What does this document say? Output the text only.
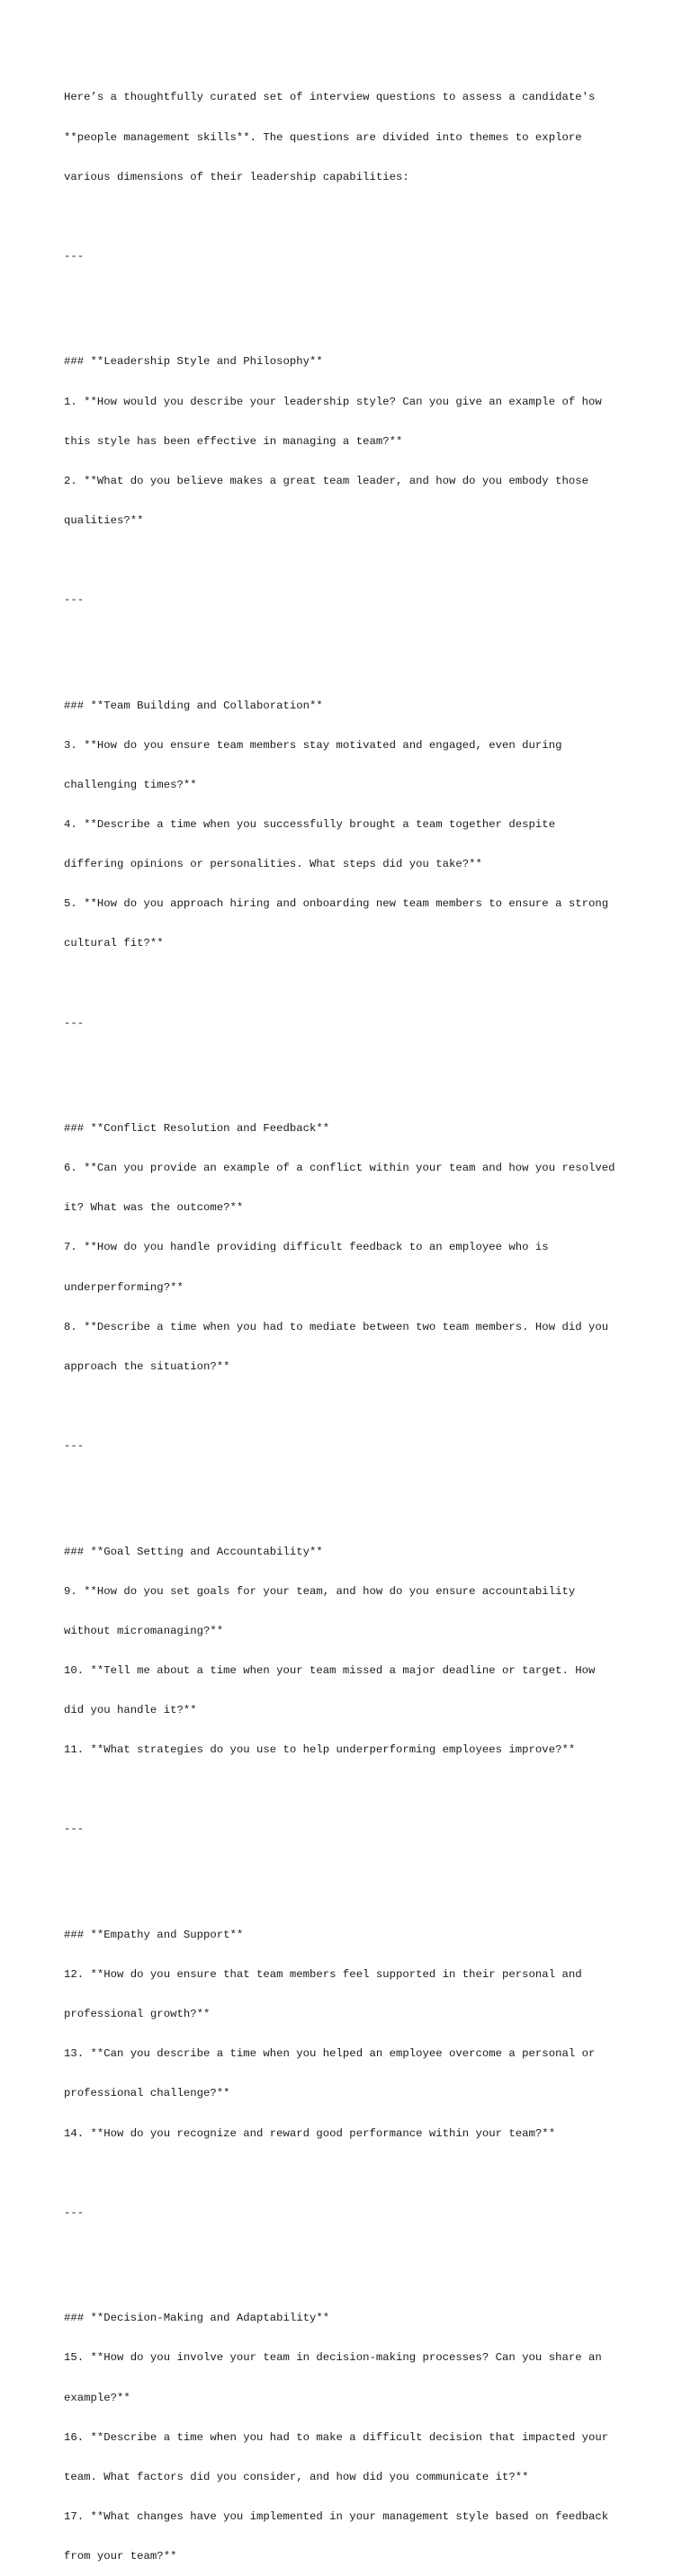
Here’s a thoughtfully curated set of interview questions to assess a candidate's

**people management skills**. The questions are divided into themes to explore

various dimensions of their leadership capabilities:

---

### **Leadership Style and Philosophy**

1. **How would you describe your leadership style? Can you give an example of how

this style has been effective in managing a team?**

2. **What do you believe makes a great team leader, and how do you embody those

qualities?**

---

### **Team Building and Collaboration**

3. **How do you ensure team members stay motivated and engaged, even during

challenging times?**

4. **Describe a time when you successfully brought a team together despite

differing opinions or personalities. What steps did you take?**

5. **How do you approach hiring and onboarding new team members to ensure a strong

cultural fit?**

---

### **Conflict Resolution and Feedback**

6. **Can you provide an example of a conflict within your team and how you resolved

it? What was the outcome?**

7. **How do you handle providing difficult feedback to an employee who is

underperforming?**

8. **Describe a time when you had to mediate between two team members. How did you

approach the situation?**

---

### **Goal Setting and Accountability**

9. **How do you set goals for your team, and how do you ensure accountability

without micromanaging?**

10. **Tell me about a time when your team missed a major deadline or target. How

did you handle it?**

11. **What strategies do you use to help underperforming employees improve?**

---

### **Empathy and Support**

12. **How do you ensure that team members feel supported in their personal and

professional growth?**

13. **Can you describe a time when you helped an employee overcome a personal or

professional challenge?**

14. **How do you recognize and reward good performance within your team?**

---

### **Decision-Making and Adaptability**

15. **How do you involve your team in decision-making processes? Can you share an

example?**

16. **Describe a time when you had to make a difficult decision that impacted your

team. What factors did you consider, and how did you communicate it?**

17. **What changes have you implemented in your management style based on feedback

from your team?**
